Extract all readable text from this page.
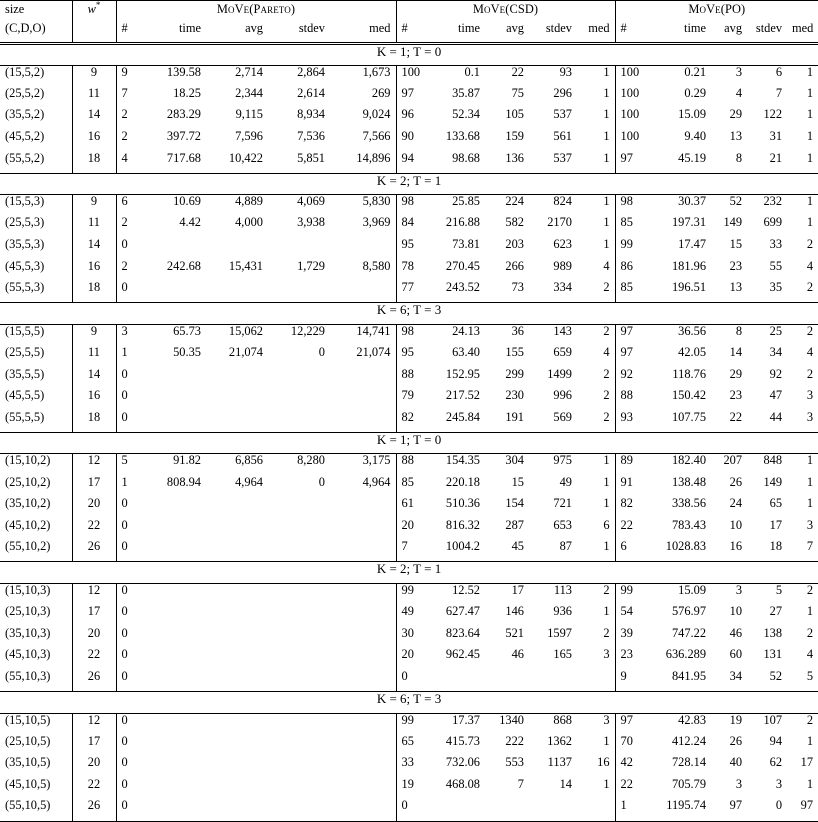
size	w*	MoVe(Pareto)					MoVe(CSD)					MoVe(PO)				
(C,D,O)		#	time	avg	stdev	med	#	time	avg	stdev	med	#	time	avg	stdev	med
K = 1; T = 0																
(15,5,2)	9	9	139.58	2,714	2,864	1,673	100	0.1	22	93	1	100	0.21	3	6	1
(25,5,2)	11	7	18.25	2,344	2,614	269	97	35.87	75	296	1	100	0.29	4	7	1
(35,5,2)	14	2	283.29	9,115	8,934	9,024	96	52.34	105	537	1	100	15.09	29	122	1
(45,5,2)	16	2	397.72	7,596	7,536	7,566	90	133.68	159	561	1	100	9.40	13	31	1
(55,5,2)	18	4	717.68	10,422	5,851	14,896	94	98.68	136	537	1	97	45.19	8	21	1
K = 2; T = 1																
(15,5,3)	9	6	10.69	4,889	4,069	5,830	98	25.85	224	824	1	98	30.37	52	232	1
(25,5,3)	11	2	4.42	4,000	3,938	3,969	84	216.88	582	2170	1	85	197.31	149	699	1
(35,5,3)	14	0					95	73.81	203	623	1	99	17.47	15	33	2
(45,5,3)	16	2	242.68	15,431	1,729	8,580	78	270.45	266	989	4	86	181.96	23	55	4
(55,5,3)	18	0					77	243.52	73	334	2	85	196.51	13	35	2
K = 6; T = 3																
(15,5,5)	9	3	65.73	15,062	12,229	14,741	98	24.13	36	143	2	97	36.56	8	25	2
(25,5,5)	11	1	50.35	21,074	0	21,074	95	63.40	155	659	4	97	42.05	14	34	4
(35,5,5)	14	0					88	152.95	299	1499	2	92	118.76	29	92	2
(45,5,5)	16	0					79	217.52	230	996	2	88	150.42	23	47	3
(55,5,5)	18	0					82	245.84	191	569	2	93	107.75	22	44	3
K = 1; T = 0																
(15,10,2)	12	5	91.82	6,856	8,280	3,175	88	154.35	304	975	1	89	182.40	207	848	1
(25,10,2)	17	1	808.94	4,964	0	4,964	85	220.18	15	49	1	91	138.48	26	149	1
(35,10,2)	20	0					61	510.36	154	721	1	82	338.56	24	65	1
(45,10,2)	22	0					20	816.32	287	653	6	22	783.43	10	17	3
(55,10,2)	26	0					7	1004.2	45	87	1	6	1028.83	16	18	7
K = 2; T = 1																
(15,10,3)	12	0					99	12.52	17	113	2	99	15.09	3	5	2
(25,10,3)	17	0					49	627.47	146	936	1	54	576.97	10	27	1
(35,10,3)	20	0					30	823.64	521	1597	2	39	747.22	46	138	2
(45,10,3)	22	0					20	962.45	46	165	3	23	636.289	60	131	4
(55,10,3)	26	0					0					9	841.95	34	52	5
K = 6; T = 3																
(15,10,5)	12	0					99	17.37	1340	868	3	97	42.83	19	107	2
(25,10,5)	17	0					65	415.73	222	1362	1	70	412.24	26	94	1
(35,10,5)	20	0					33	732.06	553	1137	16	42	728.14	40	62	17
(45,10,5)	22	0					19	468.08	7	14	1	22	705.79	3	3	1
(55,10,5)	26	0					0					1	1195.74	97	0	97
